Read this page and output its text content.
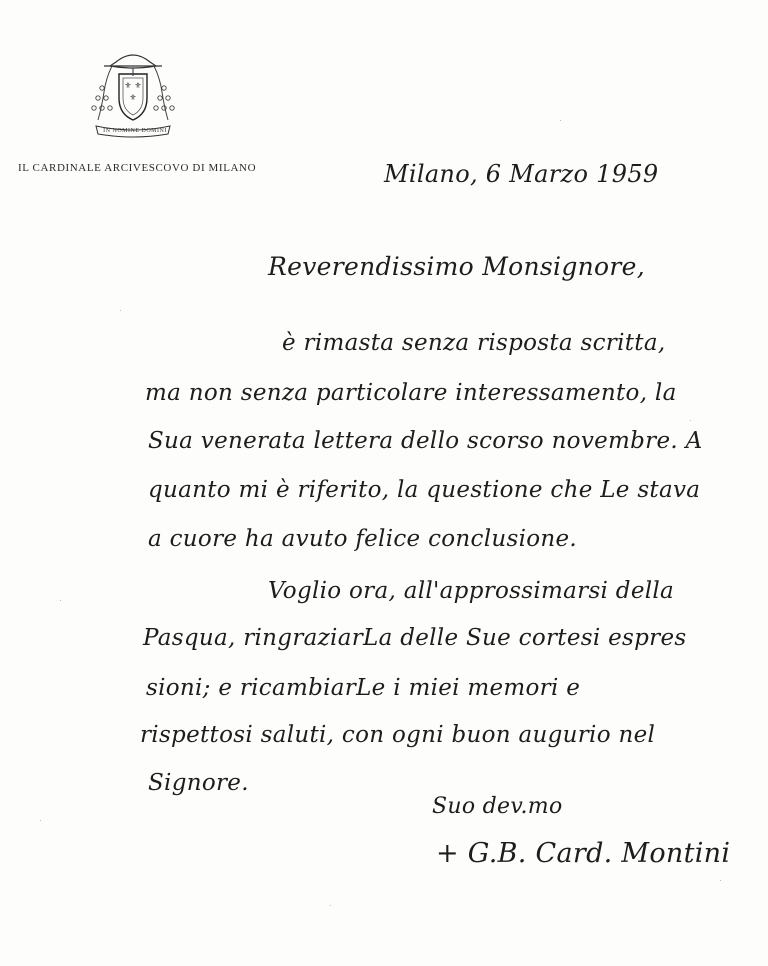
⚜ ⚜
⚜
IN NOMINE DOMINI
IL CARDINALE ARCIVESCOVO DI MILANO	Milano, 6 Marzo 1959
Reverendissimo Monsignore,
è rimasta senza risposta scritta,
ma non senza particolare interessamento, la
Sua venerata lettera dello scorso novembre. A
quanto mi è riferito, la questione che Le stava
a cuore ha avuto felice conclusione.
Voglio ora, all'approssimarsi della
Pasqua, ringraziarLa delle Sue cortesi espres
sioni; e ricambiarLe i miei memori e
rispettosi saluti, con ogni buon augurio nel
Signore.
Suo dev.mo
+ G.B. Card. Montini
